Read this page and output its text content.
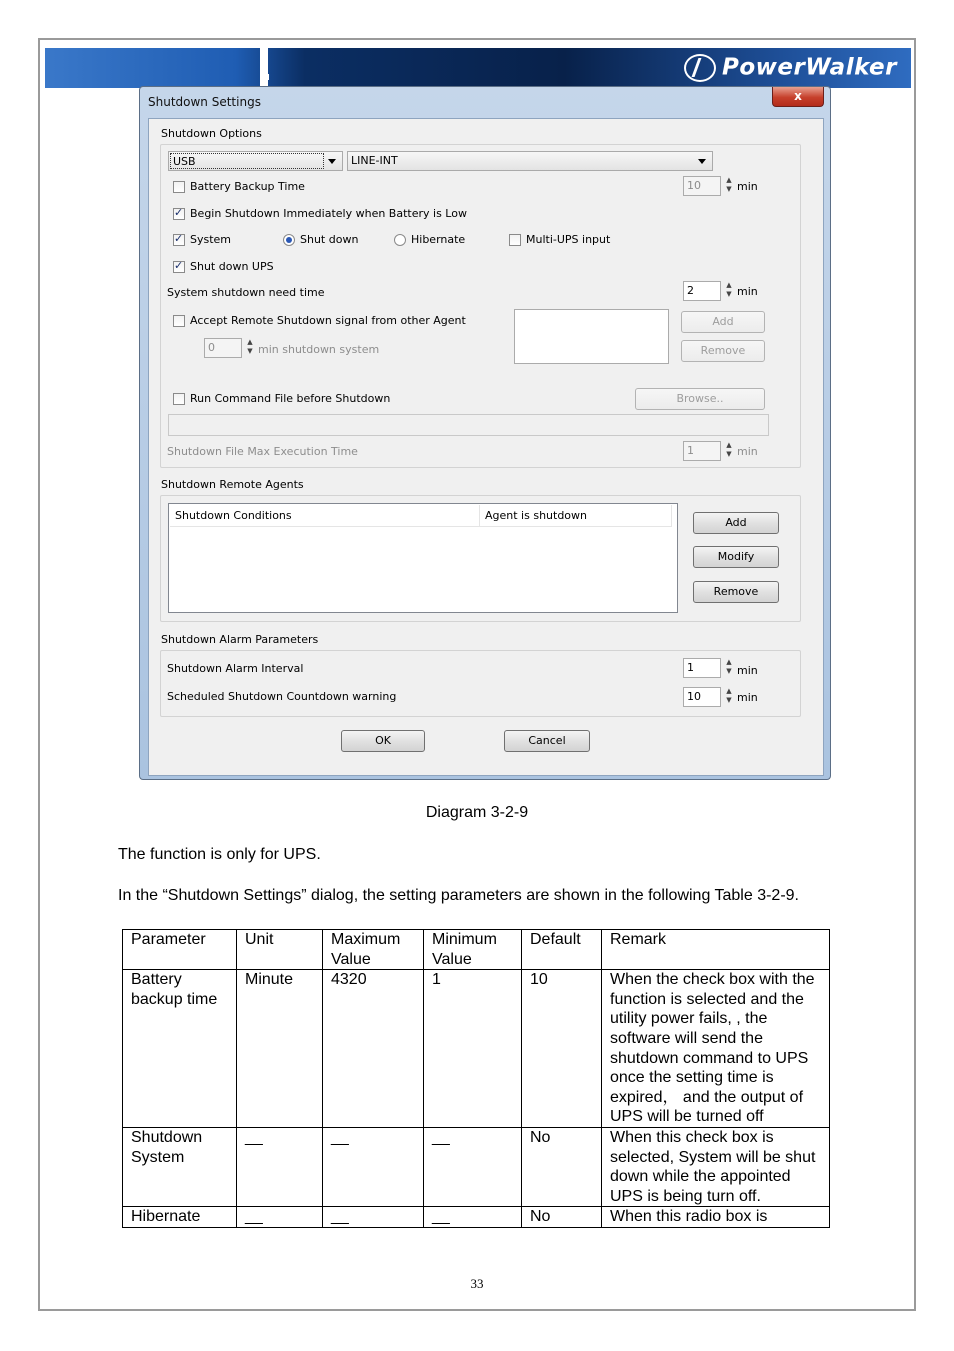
PowerWalker
Shutdown Settings	x
Shutdown Options
USB	LINE-INT
Battery Backup Time	10	▲
▼ min
✓
Begin Shutdown Immediately when Battery is Low
✓
System	Shut down	Hibernate	Multi-UPS input
✓
Shut down UPS
System shutdown need time	2	▲
▼ min
Accept Remote Shutdown signal from other Agent	Add
Remove
0	▲
▼ min shutdown system
Run Command File before Shutdown	Browse..
Shutdown File Max Execution Time	1	▲
▼ min
Shutdown Remote Agents
Shutdown Conditions	Agent is shutdown
Add
Modify
Remove
Shutdown Alarm Parameters
Shutdown Alarm Interval	1	▲
▼ min
Scheduled Shutdown Countdown warning	10	▲
▼ min
OK	Cancel
Diagram 3-2-9
The function is only for UPS.
In the “Shutdown Settings” dialog, the setting parameters are shown in the following Table 3-2-9.
Parameter	Unit	Maximum Value	Minimum Value	Default	Remark
Battery backup time	Minute	4320	1	10	When the check box with the function is selected and the utility power fails, , the software will send the shutdown command to UPS once the setting time is expired， and the output of UPS will be turned off
Shutdown System	__	__	__	No	When this check box is selected, System will be shut down while the appointed UPS is being turn off.
Hibernate	__	__	__	No	When this radio box is
33
